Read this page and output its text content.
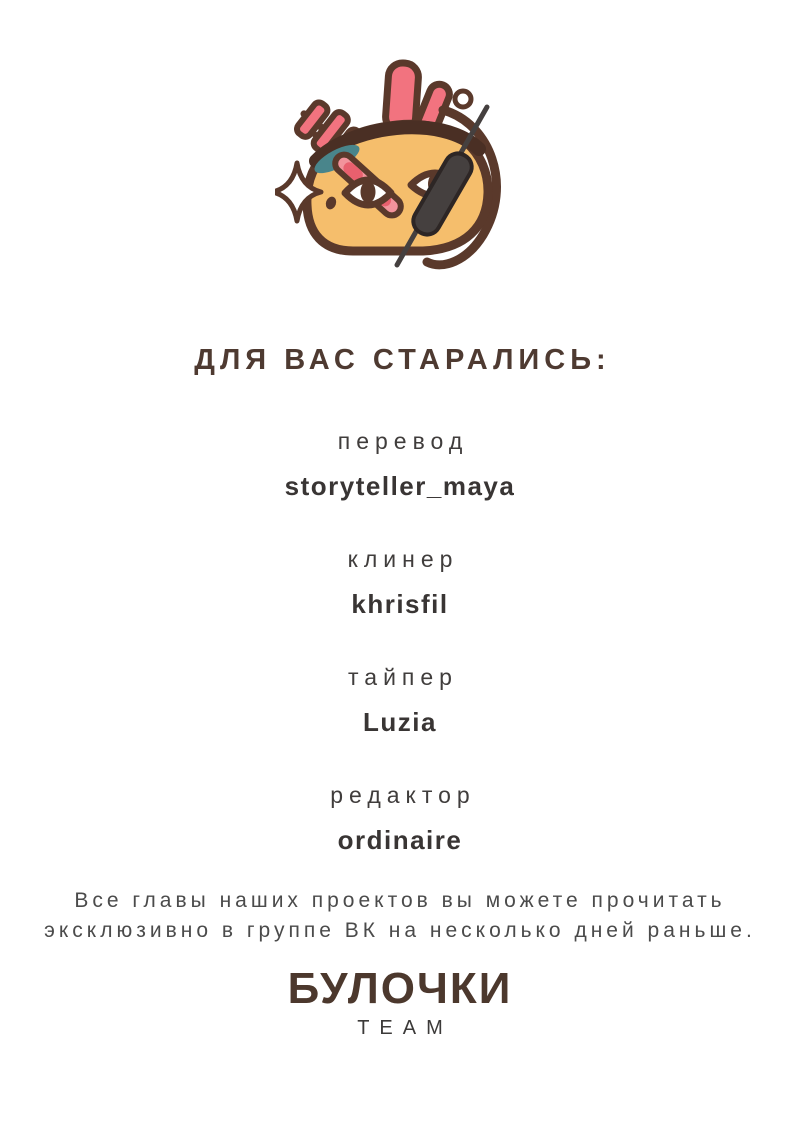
ДЛЯ ВАС СТАРАЛИСЬ:
перевод
storyteller_maya
клинер
khrisfil
тайпер
Luzia
редактор
ordinaire
Все главы наших проектов вы можете прочитать
эксклюзивно в группе ВК на несколько дней раньше.
БУЛОЧКИ
TEAM
